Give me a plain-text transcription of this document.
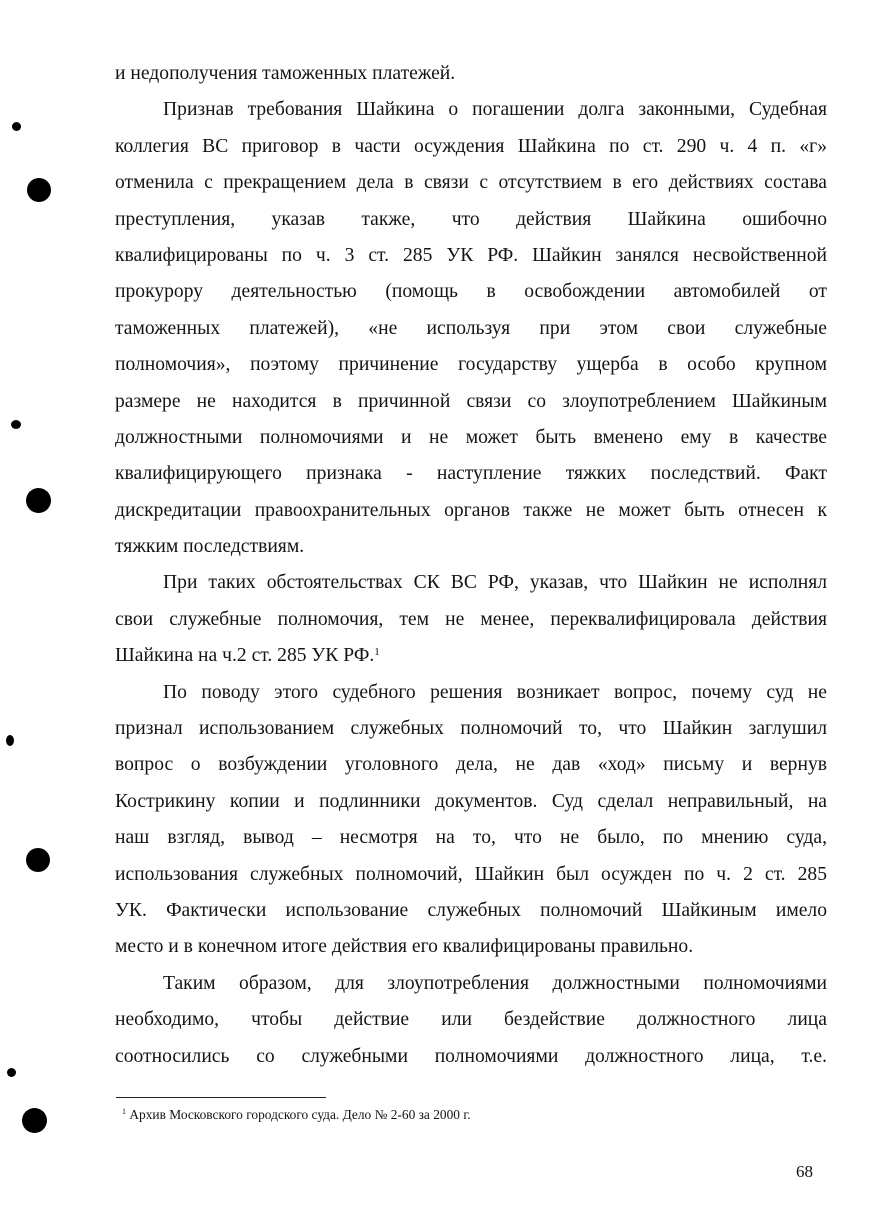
и недополучения таможенных платежей.
Признав требования Шайкина о погашении долга законными, Судебная
коллегия ВС приговор в части осуждения Шайкина по ст. 290 ч. 4 п. «г»
отменила с прекращением дела в связи с отсутствием в его действиях состава
преступления, указав также, что действия Шайкина ошибочно
квалифицированы по ч. 3 ст. 285 УК РФ. Шайкин занялся несвойственной
прокурору деятельностью (помощь в освобождении автомобилей от
таможенных платежей), «не используя при этом свои служебные
полномочия», поэтому причинение государству ущерба в особо крупном
размере не находится в причинной связи со злоупотреблением Шайкиным
должностными полномочиями и не может быть вменено ему в качестве
квалифицирующего признака - наступление тяжких последствий. Факт
дискредитации правоохранительных органов также не может быть отнесен к
тяжким последствиям.
При таких обстоятельствах СК ВС РФ, указав, что Шайкин не исполнял
свои служебные полномочия, тем не менее, переквалифицировала действия
Шайкина на ч.2 ст. 285 УК РФ.$^1$
По поводу этого судебного решения возникает вопрос, почему суд не
признал использованием служебных полномочий то, что Шайкин заглушил
вопрос о возбуждении уголовного дела, не дав «ход» письму и вернув
Кострикину копии и подлинники документов. Суд сделал неправильный, на
наш взгляд, вывод – несмотря на то, что не было, по мнению суда,
использования служебных полномочий, Шайкин был осужден по ч. 2 ст. 285
УК. Фактически использование служебных полномочий Шайкиным имело
место и в конечном итоге действия его квалифицированы правильно.
Таким образом, для злоупотребления должностными полномочиями
необходимо, чтобы действие или бездействие должностного лица
соотносились со служебными полномочиями должностного лица, т.е.
$^1$ Архив Московского городского суда. Дело № 2-60 за 2000 г.
68
